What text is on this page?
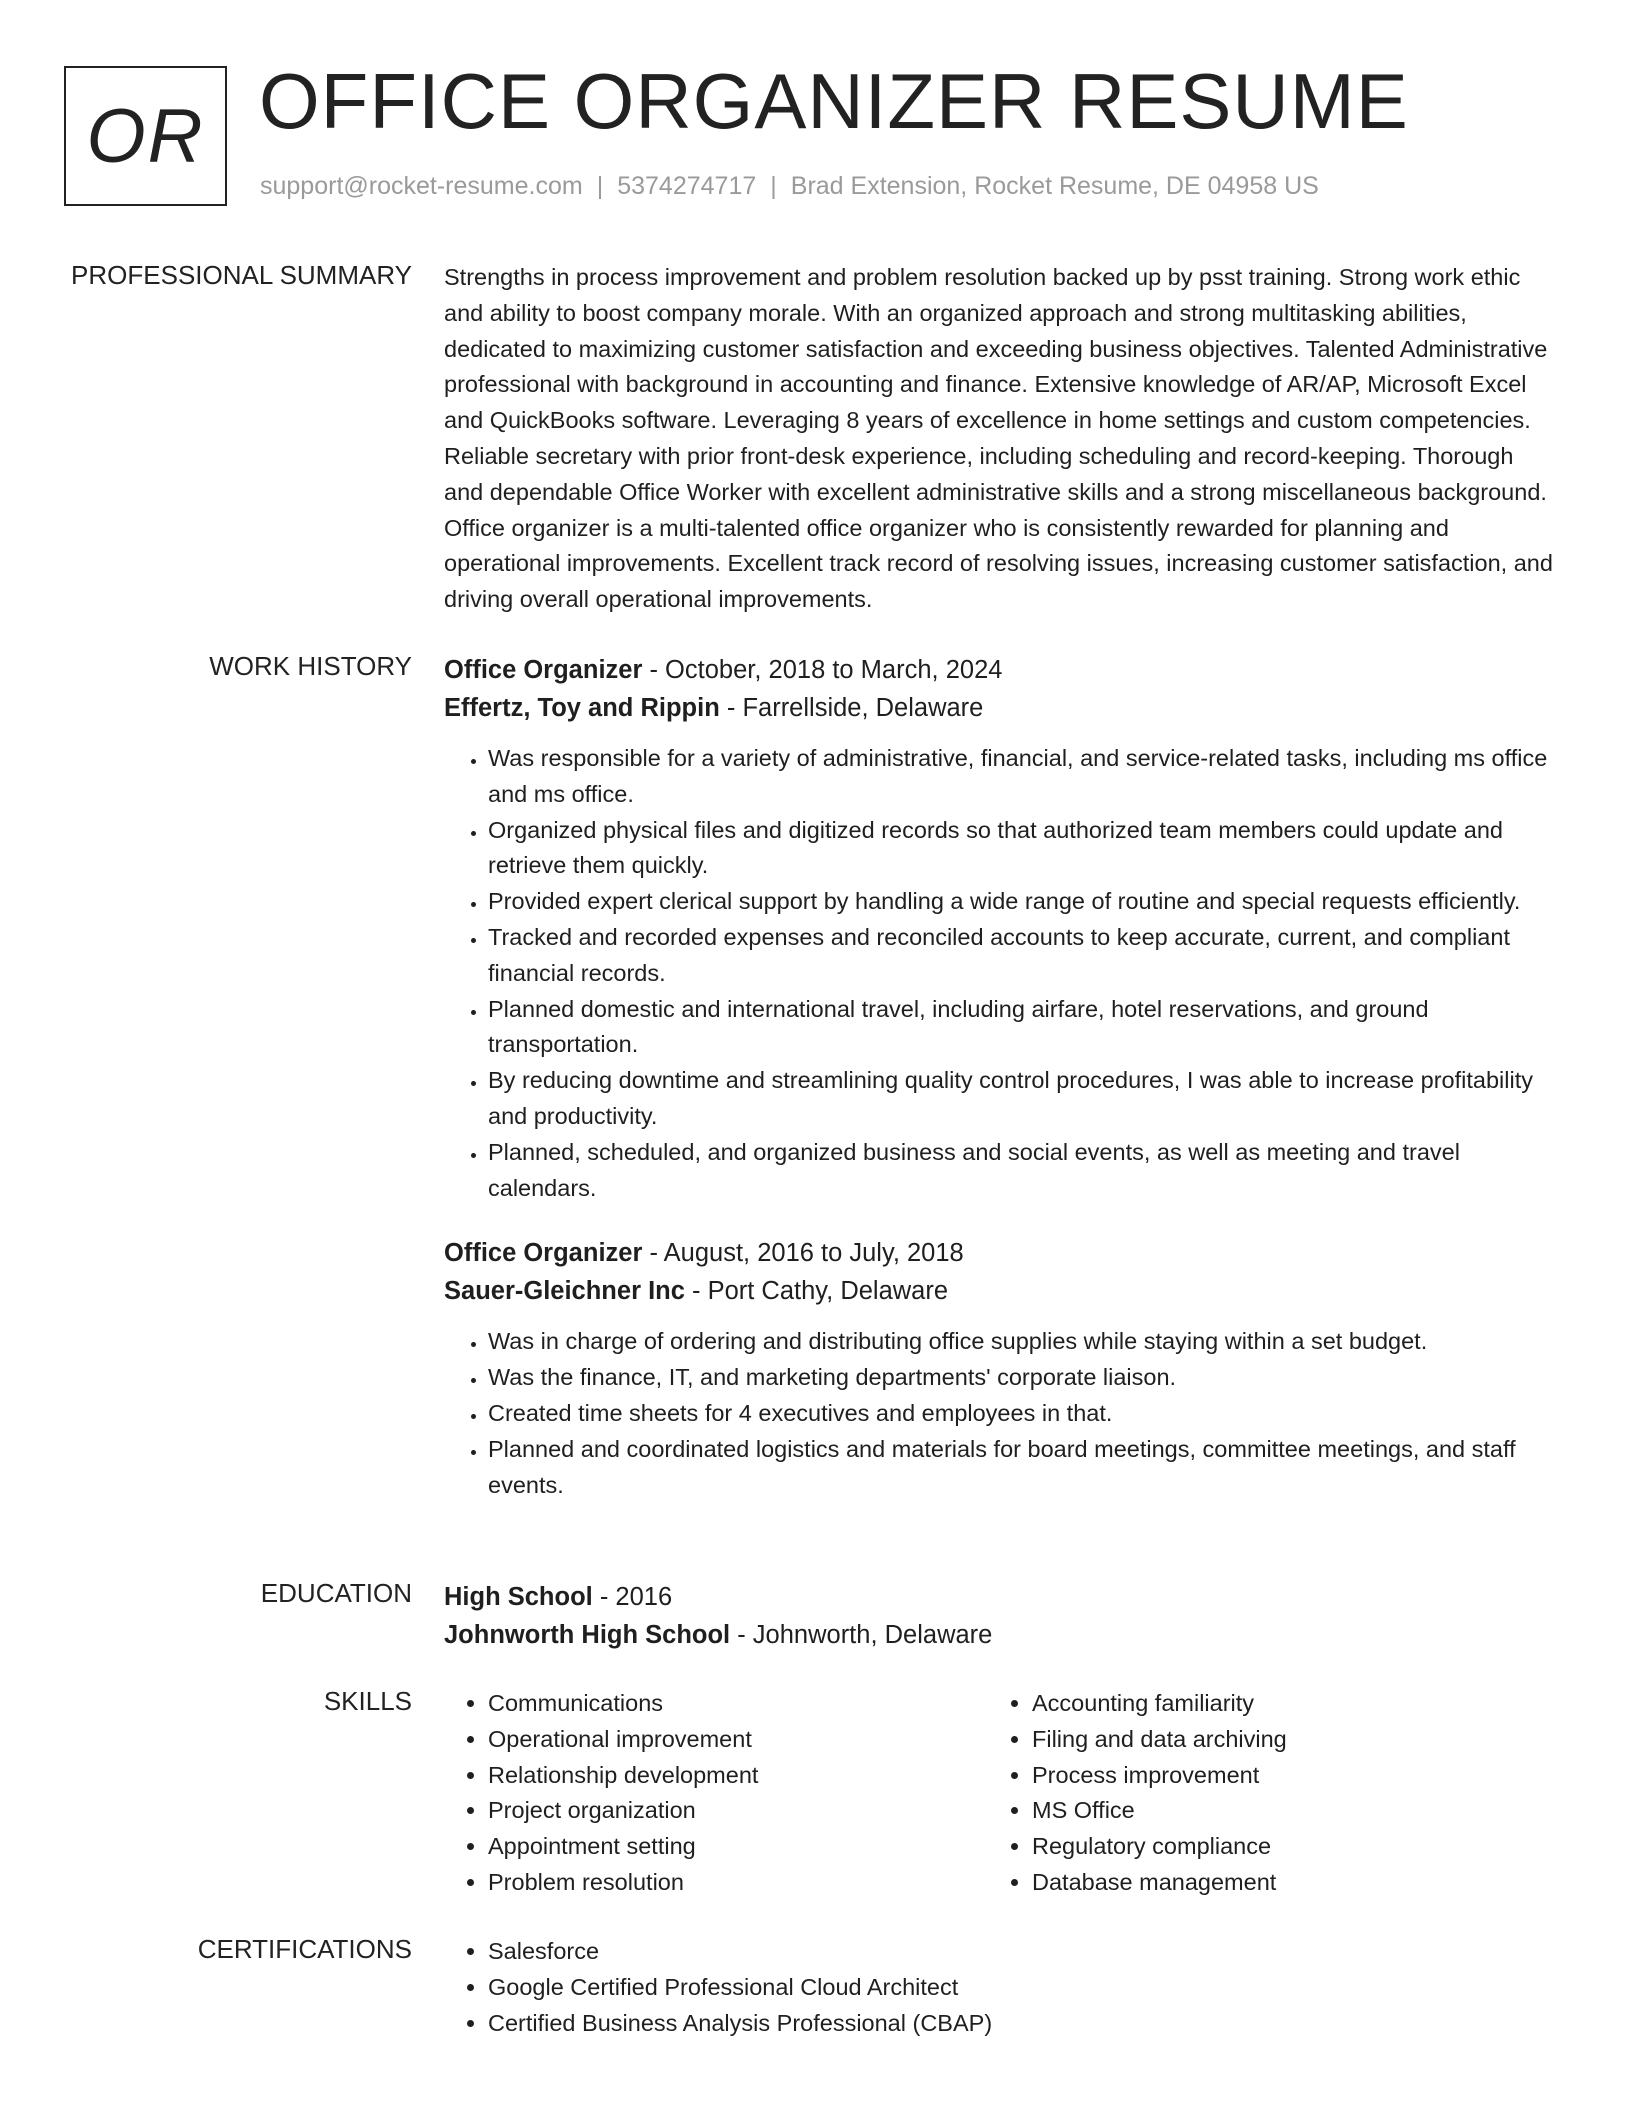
OR OFFICE ORGANIZER RESUME
support@rocket-resume.com | 5374274717 | Brad Extension, Rocket Resume, DE 04958 US
PROFESSIONAL SUMMARY Strengths in process improvement and problem resolution backed up by psst training. Strong work ethic and ability to boost company morale. With an organized approach and strong multitasking abilities, dedicated to maximizing customer satisfaction and exceeding business objectives. Talented Administrative professional with background in accounting and finance. Extensive knowledge of AR/AP, Microsoft Excel and QuickBooks software. Leveraging 8 years of excellence in home settings and custom competencies. Reliable secretary with prior front-desk experience, including scheduling and record-keeping. Thorough and dependable Office Worker with excellent administrative skills and a strong miscellaneous background. Office organizer is a multi-talented office organizer who is consistently rewarded for planning and operational improvements. Excellent track record of resolving issues, increasing customer satisfaction, and driving overall operational improvements.

WORK HISTORY Office Organizer - October, 2018 to March, 2024
Effertz, Toy and Rippin - Farrellside, Delaware
• Was responsible for a variety of administrative, financial, and service-related tasks, including ms office and ms office.
• Organized physical files and digitized records so that authorized team members could update and retrieve them quickly.
• Provided expert clerical support by handling a wide range of routine and special requests efficiently.
• Tracked and recorded expenses and reconciled accounts to keep accurate, current, and compliant financial records.
• Planned domestic and international travel, including airfare, hotel reservations, and ground transportation.
• By reducing downtime and streamlining quality control procedures, I was able to increase profitability and productivity.
• Planned, scheduled, and organized business and social events, as well as meeting and travel calendars.
Office Organizer - August, 2016 to July, 2018
Sauer-Gleichner Inc - Port Cathy, Delaware
• Was in charge of ordering and distributing office supplies while staying within a set budget.
• Was the finance, IT, and marketing departments' corporate liaison.
• Created time sheets for 4 executives and employees in that.
• Planned and coordinated logistics and materials for board meetings, committee meetings, and staff events.
EDUCATION High School - 2016
Johnworth High School - Johnworth, Delaware
SKILLS	• Communications
• Operational improvement
• Relationship development
• Project organization
• Appointment setting
• Problem resolution
• Accounting familiarity
• Filing and data archiving
• Process improvement
• MS Office
• Regulatory compliance
• Database management
CERTIFICATIONS	• Salesforce
• Google Certified Professional Cloud Architect
• Certified Business Analysis Professional (CBAP)
